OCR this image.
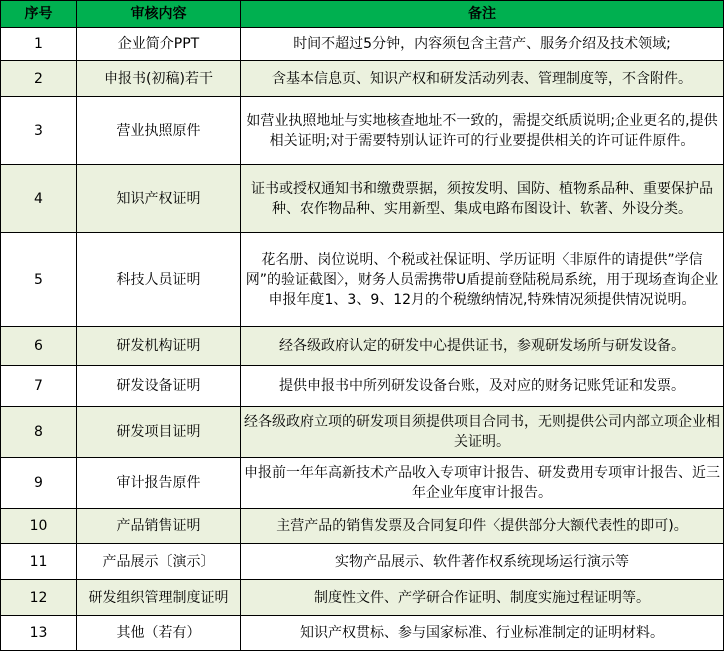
序号	审核内容	备注
1	企业简介PPT	时间不超过5分钟，内容须包含主营产、服务介绍及技术领域;
2	申报书(初稿)若干	含基本信息页、知识产权和研发活动列表、管理制度等，不含附件。
3	营业执照原件	如营业执照地址与实地核查地址不一致的，需提交纸质说明;企业更名的,提供相关证明;对于需要特别认证许可的行业要提供相关的许可证件原件。
4	知识产权证明	证书或授权通知书和缴费票据，须按发明、国防、植物系品种、重要保护品种、农作物品种、实用新型、集成电路布图设计、软著、外设分类。
5	科技人员证明	花名册、岗位说明、个税或社保证明、学历证明〈非原件的请提供”学信网”的验证截图〉，财务人员需携带U盾提前登陆税局系统，用于现场查询企业申报年度1、3、9、12月的个税缴纳情况,特殊情况须提供情况说明。
6	研发机构证明	经各级政府认定的研发中心提供证书，参观研发场所与研发设备。
7	研发设备证明	提供申报书中所列研发设备台账，及对应的财务记账凭证和发票。
8	研发项目证明	经各级政府立项的研发项目须提供项目合同书，无则提供公司内部立项企业相关证明。
9	审计报告原件	申报前一年年高新技术产品收入专项审计报告、研发费用专项审计报告、近三年企业年度审计报告。
10	产品销售证明	主营产品的销售发票及合同复印件〈提供部分大额代表性的即可)。
11	产品展示〔演示〕	实物产品展示、软件著作权系统现场运行演示等
12	研发组织管理制度证明	制度性文件、产学研合作证明、制度实施过程证明等。
13	其他（若有）	知识产权贯标、参与国家标准、行业标准制定的证明材料。
